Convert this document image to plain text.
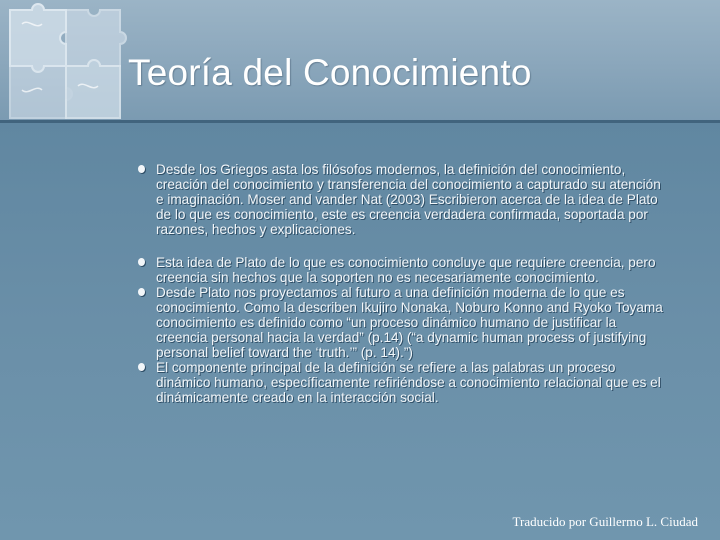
Teoría del Conocimiento
Desde los Griegos asta los filósofos modernos, la definición del conocimiento, creación del conocimiento y transferencia del conocimiento a capturado su atención e imaginación. Moser and vander Nat (2003) Escribieron acerca de la idea de Plato de lo que es conocimiento, este es creencia verdadera confirmada, soportada por razones, hechos y explicaciones.
Esta idea de Plato de lo que es conocimiento concluye que requiere creencia, pero creencia sin hechos que la soporten no es necesariamente conocimiento.
Desde Plato nos proyectamos al futuro a una definición moderna de lo que es conocimiento. Como la describen Ikujiro Nonaka, Noburo Konno and Ryoko Toyama conocimiento es definido como “un proceso dinámico humano de justificar la creencia personal hacia la verdad” (p.14) (“a dynamic human process of justifying personal belief toward the ‘truth.’” (p. 14).”)
El componente principal de la definición se refiere a las palabras un proceso dinámico humano, específicamente refiriéndose a conocimiento relacional que es el dinámicamente creado en la interacción social.
Traducido por Guillermo L. Ciudad
